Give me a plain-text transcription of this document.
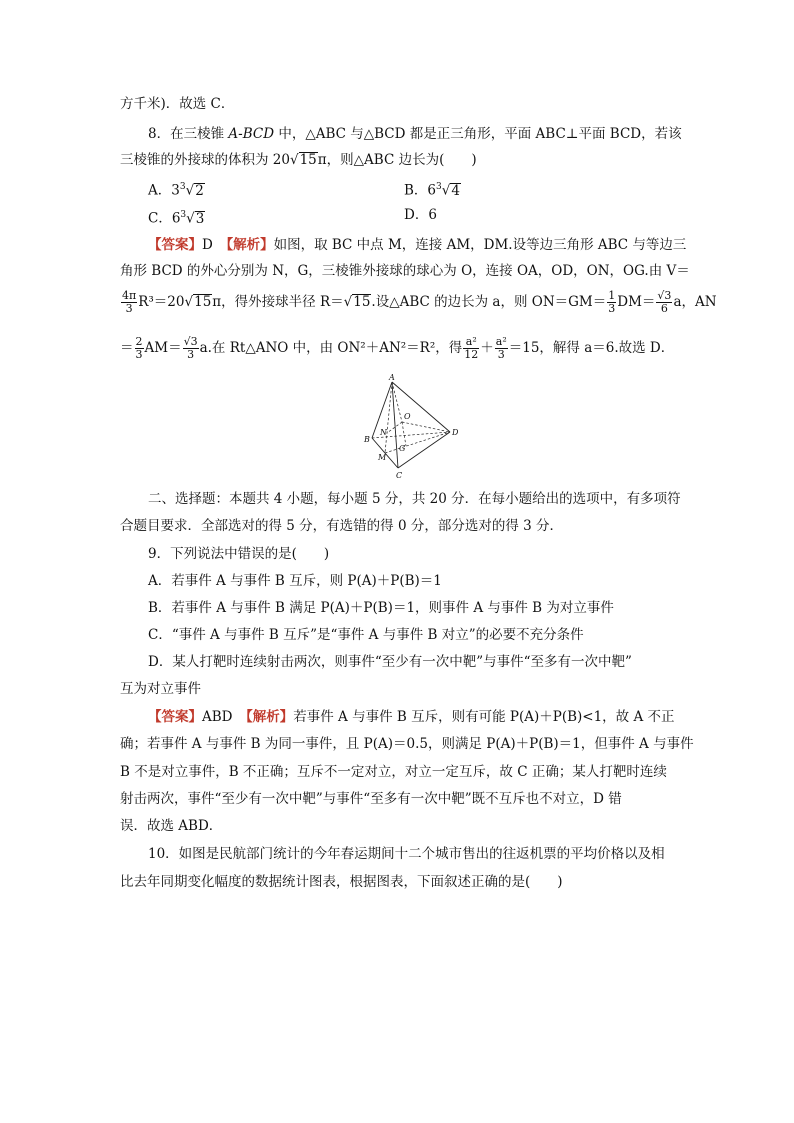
方千米)．故选 C．
8．在三棱锥 A-BCD 中，△ABC 与△BCD 都是正三角形，平面 ABC⊥平面 BCD，若该
三棱锥的外接球的体积为 20√15π，则△ABC 边长为(　　)
A．$3^3√2$	B．$6^3√4$
C．$6^3√3$	D．6
【答案】D　 【解析】如图，取 BC 中点 M，连接 AM，DM.设等边三角形 ABC 与等边三
角形 BCD 的外心分别为 N，G，三棱锥外接球的球心为 O，连接 OA，OD，ON，OG.由 V＝
$\frac{4\pi}{3} R^3=20√15\pi$，得外接球半径 R＝√15.设△ABC 的边长为 a，则 $ON=GM= \frac{1}{3} DM= \frac{√3}{6}$ a，AN
＝ $\frac{2}{3} AM= \frac{√3}{3} a$.在 Rt△ANO 中，由 ON²＋AN²＝R²，得 $\frac{\text{a²}}{12} + \frac{\text{a²}}{3} =15$，解得 a＝6.故选 D．
A
B
C
D
O
N
G
M
二、选择题：本题共 4 小题，每小题 5 分，共 20 分．在每小题给出的选项中，有多项符
合题目要求．全部选对的得 5 分，有选错的得 0 分，部分选对的得 3 分．
9．下列说法中错误的是(　　)
A．若事件 A 与事件 B 互斥，则 P(A)＋P(B)＝1
B．若事件 A 与事件 B 满足 P(A)＋P(B)＝1，则事件 A 与事件 B 为对立事件
C．“事件 A 与事件 B 互斥”是“事件 A 与事件 B 对立”的必要不充分条件
D．某人打靶时连续射击两次，则事件“至少有一次中靶”与事件“至多有一次中靶”
互为对立事件
【答案】ABD　 【解析】若事件 A 与事件 B 互斥，则有可能 P(A)＋P(B)<1，故 A 不正
确；若事件 A 与事件 B 为同一事件，且 P(A)＝0.5，则满足 P(A)＋P(B)＝1，但事件 A 与事件
B 不是对立事件，B 不正确；互斥不一定对立，对立一定互斥，故 C 正确；某人打靶时连续
射击两次，事件“至少有一次中靶”与事件“至多有一次中靶”既不互斥也不对立，D 错
误．故选 ABD．
10．如图是民航部门统计的今年春运期间十二个城市售出的往返机票的平均价格以及相
比去年同期变化幅度的数据统计图表，根据图表，下面叙述正确的是(　　)
